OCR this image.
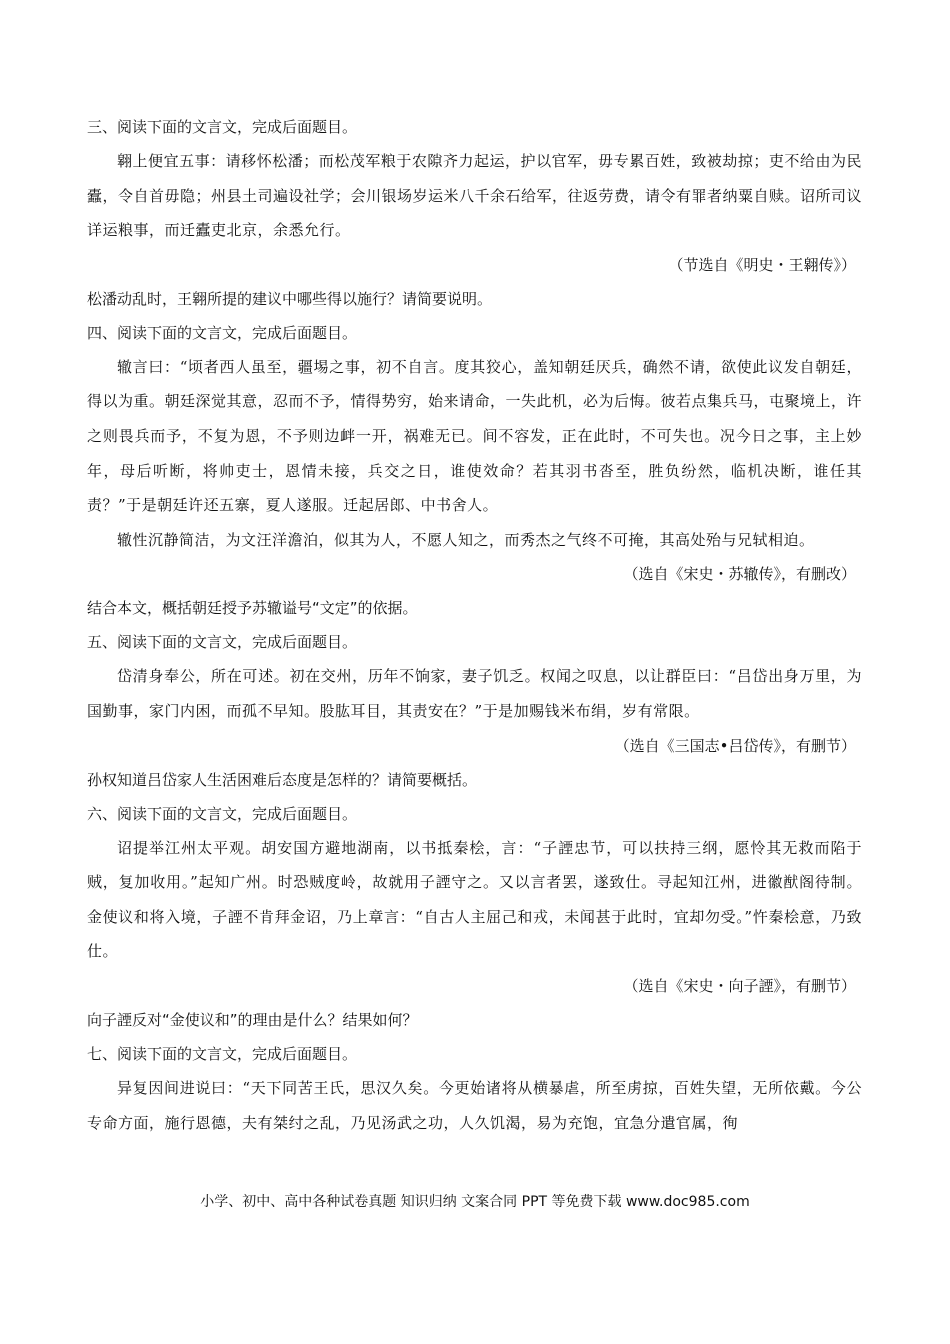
三、阅读下面的文言文，完成后面题目。

翱上便宜五事：请移怀松潘；而松茂军粮于农隙齐力起运，护以官军，毋专累百姓，致被劫掠；吏不给由为民蠹，令自首毋隐；州县土司遍设社学；会川银场岁运米八千余石给军，往返劳费，请令有罪者纳粟自赎。诏所司议详运粮事，而迁蠹吏北京，余悉允行。

（节选自《明史・王翱传》）

松潘动乱时，王翱所提的建议中哪些得以施行？请简要说明。

四、阅读下面的文言文，完成后面题目。

辙言曰：“顷者西人虽至，疆埸之事，初不自言。度其狡心，盖知朝廷厌兵，确然不请，欲使此议发自朝廷，得以为重。朝廷深觉其意，忍而不予，情得势穷，始来请命，一失此机，必为后悔。彼若点集兵马，屯聚境上，许之则畏兵而予，不复为恩，不予则边衅一开，祸难无已。间不容发，正在此时，不可失也。况今日之事，主上妙年，母后听断，将帅吏士，恩情未接，兵交之日，谁使效命？若其羽书沓至，胜负纷然，临机决断，谁任其责？”于是朝廷许还五寨，夏人遂服。迁起居郎、中书舍人。

辙性沉静简洁，为文汪洋澹泊，似其为人，不愿人知之，而秀杰之气终不可掩，其高处殆与兄轼相迫。

（选自《宋史・苏辙传》，有删改）

结合本文，概括朝廷授予苏辙谥号“文定”的依据。

五、阅读下面的文言文，完成后面题目。

岱清身奉公，所在可述。初在交州，历年不饷家，妻子饥乏。权闻之叹息，以让群臣曰：“吕岱出身万里，为国勤事，家门内困，而孤不早知。股肱耳目，其责安在？”于是加赐钱米布绢，岁有常限。

（选自《三国志•吕岱传》，有删节）

孙权知道吕岱家人生活困难后态度是怎样的？请简要概括。

六、阅读下面的文言文，完成后面题目。

诏提举江州太平观。胡安国方避地湖南，以书抵秦桧，言：“子諲忠节，可以扶持三纲，愿怜其无救而陷于贼，复加收用。”起知广州。时恐贼度岭，故就用子諲守之。又以言者罢，遂致仕。寻起知江州，进徽猷阁待制。金使议和将入境，子諲不肯拜金诏，乃上章言：“自古人主屈己和戎，未闻甚于此时，宜却勿受。”忤秦桧意，乃致仕。

（选自《宋史・向子諲》，有删节）

向子諲反对“金使议和”的理由是什么？结果如何？

七、阅读下面的文言文，完成后面题目。

异复因间进说曰：“天下同苦王氏，思汉久矣。今更始诸将从横暴虐，所至虏掠，百姓失望，无所依戴。今公专命方面，施行恩德，夫有桀纣之乱，乃见汤武之功，人久饥渴，易为充饱，宜急分遣官属，徇

小学、初中、高中各种试卷真题 知识归纳 文案合同 PPT 等免费下载 www.doc985.com
